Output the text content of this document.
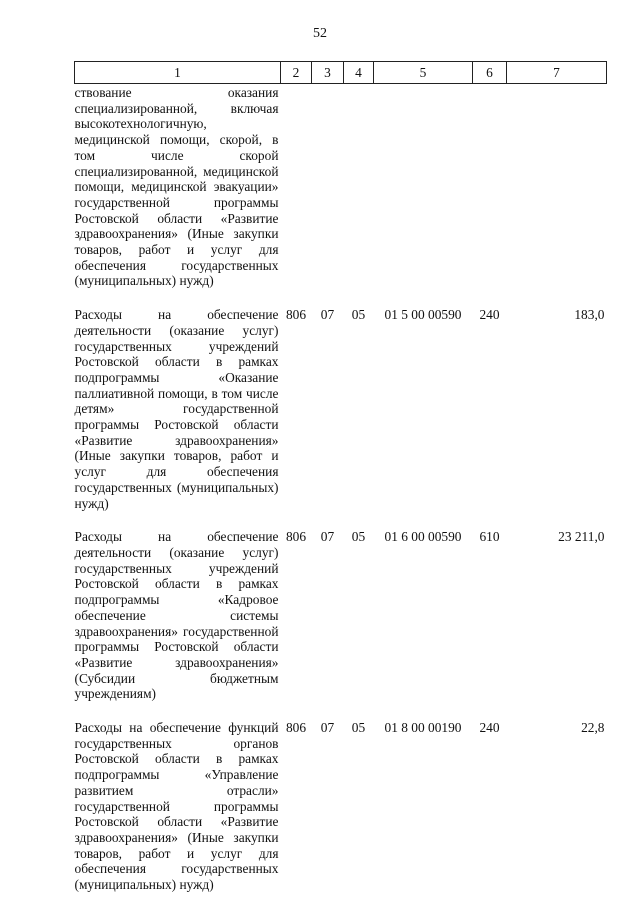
52
1	2	3	4	5	6	7
ствование оказания специализированной, включая высокотехнологичную, медицинской помощи, скорой, в том числе скорой специализированной, медицинской помощи, медицинской эвакуации» государственной программы Ростовской области «Развитие здравоохранения» (Иные закупки товаров, работ и услуг для обеспечения государственных (муниципальных) нужд)						
Расходы на обеспечение деятельности (оказание услуг) государственных учреждений Ростовской области в рамках подпрограммы «Оказание паллиативной помощи, в том числе детям» государственной программы Ростовской области «Развитие здравоохранения» (Иные закупки товаров, работ и услуг для обеспечения государственных (муниципальных) нужд)	806	07	05	01 5 00 00590	240	183,0
Расходы на обеспечение деятельности (оказание услуг) государственных учреждений Ростовской области в рамках подпрограммы «Кадровое обеспечение системы здравоохранения» государственной программы Ростовской области «Развитие здравоохранения» (Субсидии бюджетным учреждениям)	806	07	05	01 6 00 00590	610	23 211,0
Расходы на обеспечение функций государственных органов Ростовской области в рамках подпрограммы «Управление развитием отрасли» государственной программы Ростовской области «Развитие здравоохранения» (Иные закупки товаров, работ и услуг для обеспечения государственных (муниципальных) нужд)	806	07	05	01 8 00 00190	240	22,8
